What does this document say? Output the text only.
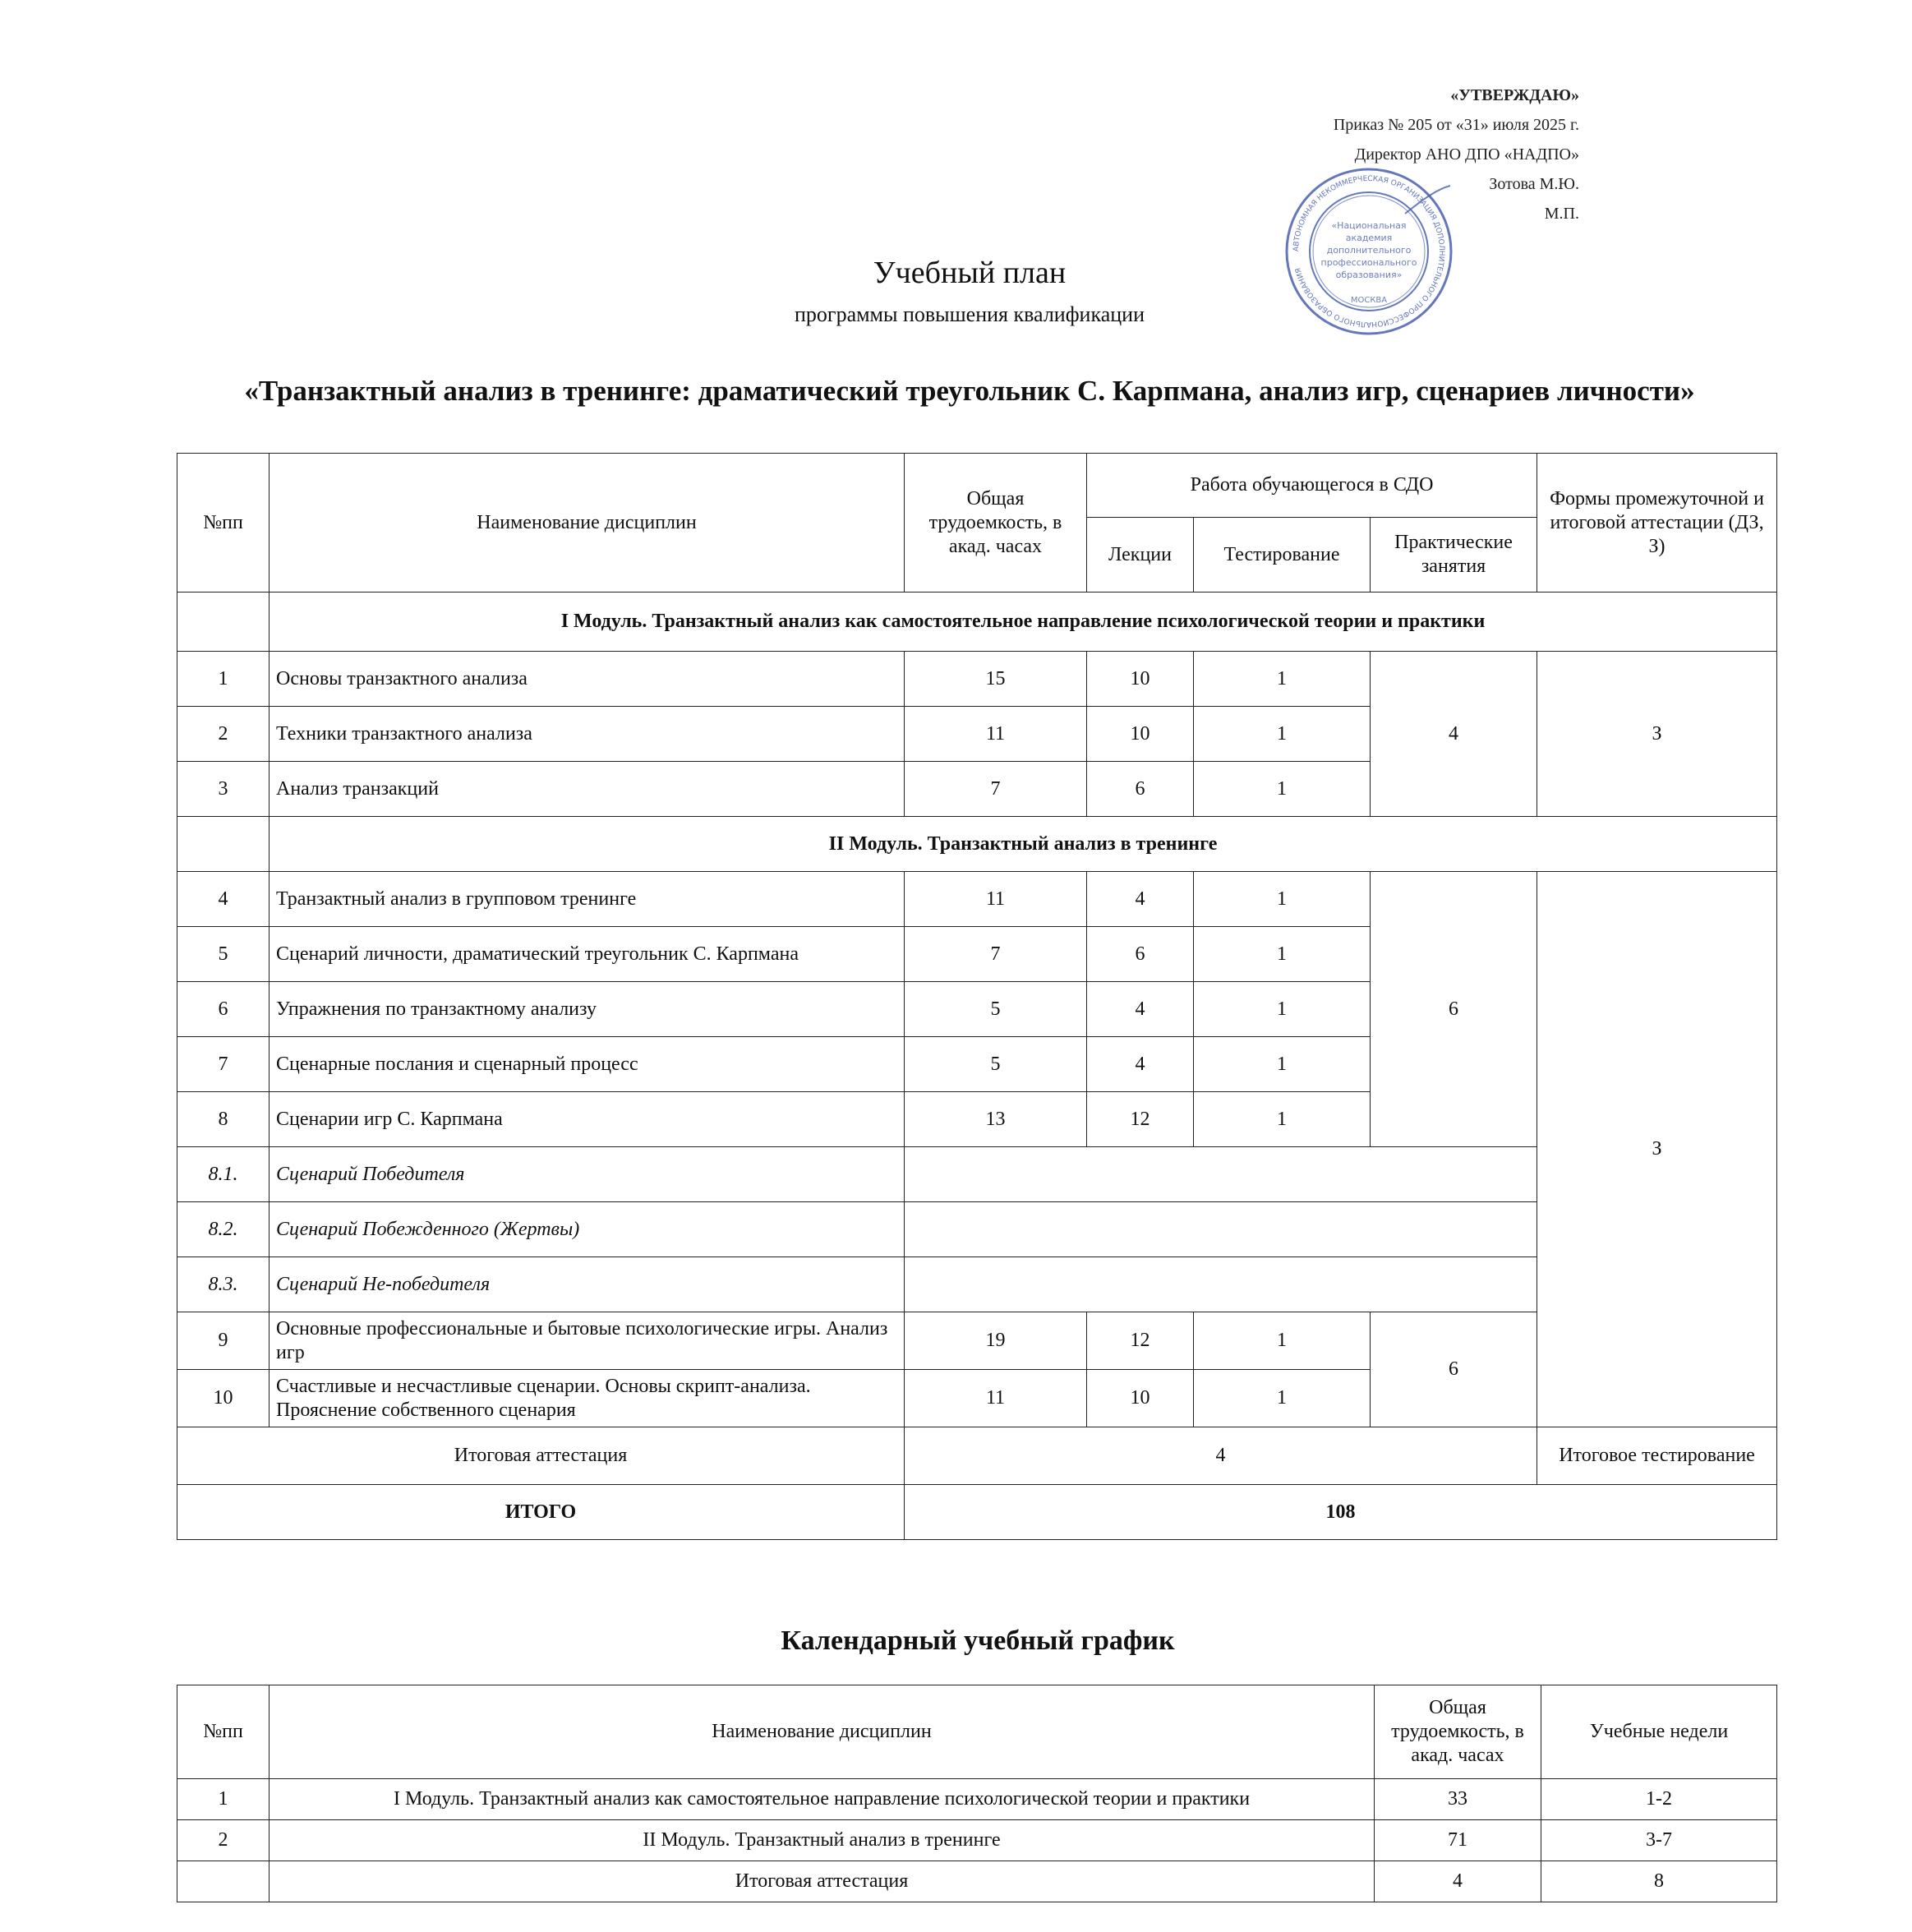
«УТВЕРЖДАЮ»
Приказ № 205 от «31» июля 2025 г.
Директор АНО ДПО «НАДПО»
Зотова М.Ю.
М.П.
АВТОНОМНАЯ НЕКОММЕРЧЕСКАЯ ОРГАНИЗАЦИЯ ДОПОЛНИТЕЛЬНОГО ПРОФЕССИОНАЛЬНОГО ОБРАЗОВАНИЯ
«Национальная
академия
дополнительного
профессионального
образования»
МОСКВА
Учебный план
программы повышения квалификации
«Транзактный анализ в тренинге: драматический треугольник С. Карпмана, анализ игр, сценариев личности»
№пп	Наименование дисциплин	Общая трудоемкость, в акад. часах	Работа обучающегося в СДО			Формы промежуточной и итоговой аттестации (ДЗ, З)
			Лекции	Тестирование	Практические занятия	
	I Модуль. Транзактный анализ как самостоятельное направление психологической теории и практики					
1	Основы транзактного анализа	15	10	1	4	З
2	Техники транзактного анализа	11	10	1		
3	Анализ транзакций	7	6	1		
	II Модуль. Транзактный анализ в тренинге					
4	Транзактный анализ в групповом тренинге	11	4	1	6	З
5	Сценарий личности, драматический треугольник С. Карпмана	7	6	1		
6	Упражнения по транзактному анализу	5	4	1		
7	Сценарные послания и сценарный процесс	5	4	1		
8	Сценарии игр С. Карпмана	13	12	1		
8.1.	Сценарий Победителя					
8.2.	Сценарий Побежденного (Жертвы)					
8.3.	Сценарий Не-победителя					
9	Основные профессиональные и бытовые психологические игры. Анализ игр	19	12	1	6	
10	Счастливые и несчастливые сценарии. Основы скрипт-анализа. Прояснение собственного сценария	11	10	1		
Итоговая аттестация		4				Итоговое тестирование
ИТОГО		108				
Календарный учебный график
№пп	Наименование дисциплин	Общая трудоемкость, в акад. часах	Учебные недели
1	I Модуль. Транзактный анализ как самостоятельное направление психологической теории и практики	33	1-2
2	II Модуль. Транзактный анализ в тренинге	71	3-7
	Итоговая аттестация	4	8
